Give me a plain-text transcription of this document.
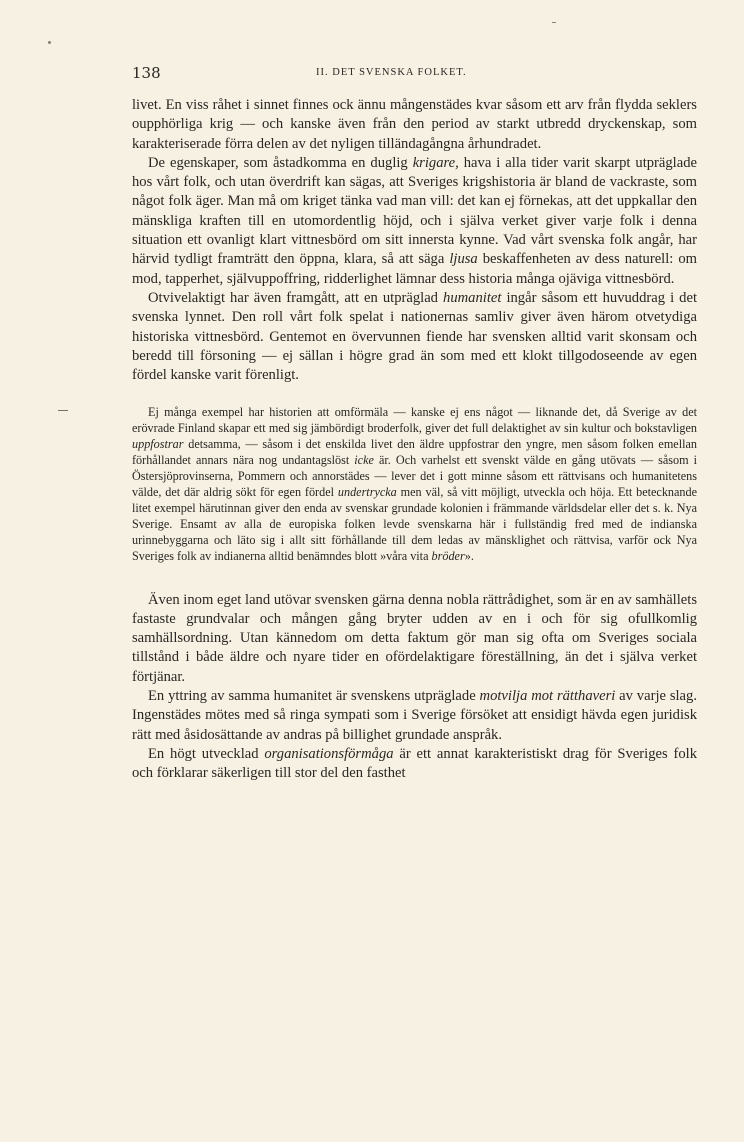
138	II. DET SVENSKA FOLKET.

livet. En viss råhet i sinnet finnes ock ännu mångenstädes kvar såsom ett arv från flydda seklers oupphörliga krig — och kanske även från den period av starkt utbredd dryckenskap, som karakteriserade förra delen av det nyligen tilländagångna århundradet.

De egenskaper, som åstadkomma en duglig krigare, hava i alla tider varit skarpt utpräglade hos vårt folk, och utan överdrift kan sägas, att Sveriges krigshistoria är bland de vackraste, som något folk äger. Man må om kriget tänka vad man vill: det kan ej förnekas, att det uppkallar den mänskliga kraften till en utomordentlig höjd, och i själva verket giver varje folk i denna situation ett ovanligt klart vittnesbörd om sitt innersta kynne. Vad vårt svenska folk angår, har härvid tydligt framträtt den öppna, klara, så att säga ljusa beskaffenheten av dess naturell: om mod, tapperhet, självuppoffring, ridderlighet lämnar dess historia många ojäviga vittnesbörd.

Otvivelaktigt har även framgått, att en utpräglad humanitet ingår såsom ett huvuddrag i det svenska lynnet. Den roll vårt folk spelat i nationernas samliv giver även härom otvetydiga historiska vittnesbörd. Gentemot en övervunnen fiende har svensken alltid varit skonsam och beredd till försoning — ej sällan i högre grad än som med ett klokt tillgodoseende av egen fördel kanske varit förenligt.

Ej många exempel har historien att omförmäla — kanske ej ens något — liknande det, då Sverige av det erövrade Finland skapar ett med sig jämbördigt broderfolk, giver det full delaktighet av sin kultur och bokstavligen uppfostrar detsamma, — såsom i det enskilda livet den äldre uppfostrar den yngre, men såsom folken emellan förhållandet annars nära nog undantagslöst icke är. Och varhelst ett svenskt välde en gång utövats — såsom i Östersjöprovinserna, Pommern och annorstädes — lever det i gott minne såsom ett rättvisans och humanitetens välde, det där aldrig sökt för egen fördel undertrycka men väl, så vitt möjligt, utveckla och höja. Ett betecknande litet exempel härutinnan giver den enda av svenskar grundade kolonien i främmande världsdelar eller det s. k. Nya Sverige. Ensamt av alla de europiska folken levde svenskarna här i fullständig fred med de indianska urinnebyggarna och läto sig i allt sitt förhållande till dem ledas av mänsklighet och rättvisa, varför ock Nya Sveriges folk av indianerna alltid benämndes blott »våra vita bröder».

Även inom eget land utövar svensken gärna denna nobla rättrådighet, som är en av samhällets fastaste grundvalar och mången gång bryter udden av en i och för sig ofullkomlig samhällsordning. Utan kännedom om detta faktum gör man sig ofta om Sveriges sociala tillstånd i både äldre och nyare tider en ofördelaktigare föreställning, än det i själva verket förtjänar.

En yttring av samma humanitet är svenskens utpräglade motvilja mot rätthaveri av varje slag. Ingenstädes mötes med så ringa sympati som i Sverige försöket att ensidigt hävda egen juridisk rätt med åsidosättande av andras på billighet grundade anspråk.

En högt utvecklad organisationsförmåga är ett annat karakteristiskt drag för Sveriges folk och förklarar säkerligen till stor del den fasthet
